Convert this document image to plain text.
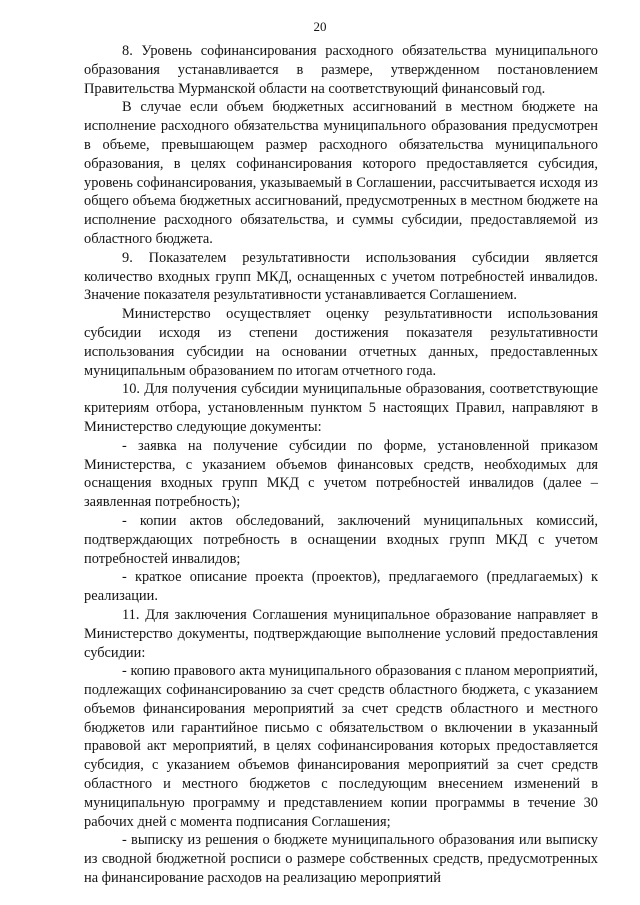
20

8. Уровень софинансирования расходного обязательства муниципального образования устанавливается в размере, утвержденном постановлением Правительства Мурманской области на соответствующий финансовый год.

В случае если объем бюджетных ассигнований в местном бюджете на исполнение расходного обязательства муниципального образования предусмотрен в объеме, превышающем размер расходного обязательства муниципального образования, в целях софинансирования которого предоставляется субсидия, уровень софинансирования, указываемый в Соглашении, рассчитывается исходя из общего объема бюджетных ассигнований, предусмотренных в местном бюджете на исполнение расходного обязательства, и суммы субсидии, предоставляемой из областного бюджета.

9. Показателем результативности использования субсидии является количество входных групп МКД, оснащенных с учетом потребностей инвалидов. Значение показателя результативности устанавливается Соглашением.

Министерство осуществляет оценку результативности использования субсидии исходя из степени достижения показателя результативности использования субсидии на основании отчетных данных, предоставленных муниципальным образованием по итогам отчетного года.

10. Для получения субсидии муниципальные образования, соответствующие критериям отбора, установленным пунктом 5 настоящих Правил, направляют в Министерство следующие документы:

- заявка на получение субсидии по форме, установленной приказом Министерства, с указанием объемов финансовых средств, необходимых для оснащения входных групп МКД с учетом потребностей инвалидов (далее – заявленная потребность);

- копии актов обследований, заключений муниципальных комиссий, подтверждающих потребность в оснащении входных групп МКД с учетом потребностей инвалидов;

- краткое описание проекта (проектов), предлагаемого (предлагаемых) к реализации.

11. Для заключения Соглашения муниципальное образование направляет в Министерство документы, подтверждающие выполнение условий предоставления субсидии:

- копию правового акта муниципального образования с планом мероприятий, подлежащих софинансированию за счет средств областного бюджета, с указанием объемов финансирования мероприятий за счет средств областного и местного бюджетов или гарантийное письмо с обязательством о включении в указанный правовой акт мероприятий, в целях софинансирования которых предоставляется субсидия, с указанием объемов финансирования мероприятий за счет средств областного и местного бюджетов с последующим внесением изменений в муниципальную программу и представлением копии программы в течение 30 рабочих дней с момента подписания Соглашения;

- выписку из решения о бюджете муниципального образования или выписку из сводной бюджетной росписи о размере собственных средств, предусмотренных на финансирование расходов на реализацию мероприятий
